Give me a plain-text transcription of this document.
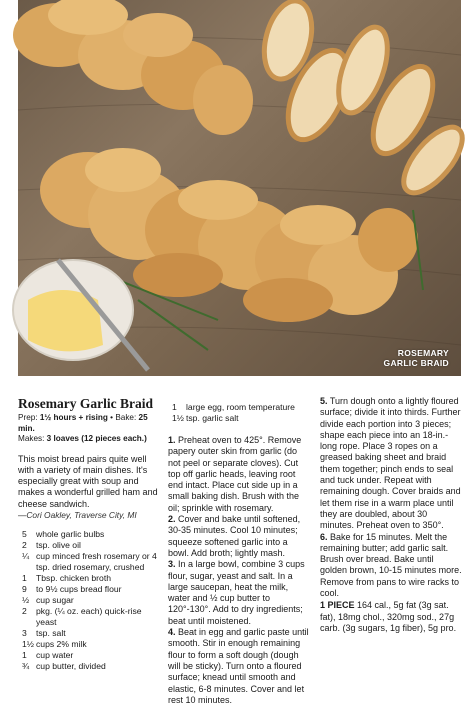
ROSEMARY
GARLIC BRAID
Rosemary Garlic Braid
Prep: 1½ hours + rising • Bake: 25 min.
Makes: 3 loaves (12 pieces each.)
This moist bread pairs quite well with a variety of main dishes. It's especially great with soup and makes a wonderful grilled ham and cheese sandwich.
—Cori Oakley, Traverse City, MI
5	whole garlic bulbs
2	tsp. olive oil
¼ cup minced fresh rosemary or 4 tsp. dried rosemary, crushed
1	Tbsp. chicken broth
9	to 9½ cups bread flour
½ cup sugar
2	pkg. (¼ oz. each) quick-rise yeast
3	tsp. salt
1½ cups 2% milk
1	cup water
¾ cup butter, divided
1	large egg, room temperature
1½ tsp. garlic salt
1. Preheat oven to 425°. Remove papery outer skin from garlic (do not peel or separate cloves). Cut top off garlic heads, leaving root end intact. Place cut side up in a small baking dish. Brush with the oil; sprinkle with rosemary.
2. Cover and bake until softened, 30-35 minutes. Cool 10 minutes; squeeze softened garlic into a bowl. Add broth; lightly mash.
3. In a large bowl, combine 3 cups flour, sugar, yeast and salt. In a large saucepan, heat the milk, water and ½ cup butter to 120°-130°. Add to dry ingredients; beat until moistened.
4. Beat in egg and garlic paste until smooth. Stir in enough remaining flour to form a soft dough (dough will be sticky). Turn onto a floured surface; knead until smooth and elastic, 6-8 minutes. Cover and let rest 10 minutes.
5. Turn dough onto a lightly floured surface; divide it into thirds. Further divide each portion into 3 pieces; shape each piece into an 18-in.-long rope. Place 3 ropes on a greased baking sheet and braid them together; pinch ends to seal and tuck under. Repeat with remaining dough. Cover braids and let them rise in a warm place until they are doubled, about 30 minutes. Preheat oven to 350°.
6. Bake for 15 minutes. Melt the remaining butter; add garlic salt. Brush over bread. Bake until golden brown, 10-15 minutes more. Remove from pans to wire racks to cool.
1 PIECE 164 cal., 5g fat (3g sat. fat), 18mg chol., 320mg sod., 27g carb. (3g sugars, 1g fiber), 5g pro.
